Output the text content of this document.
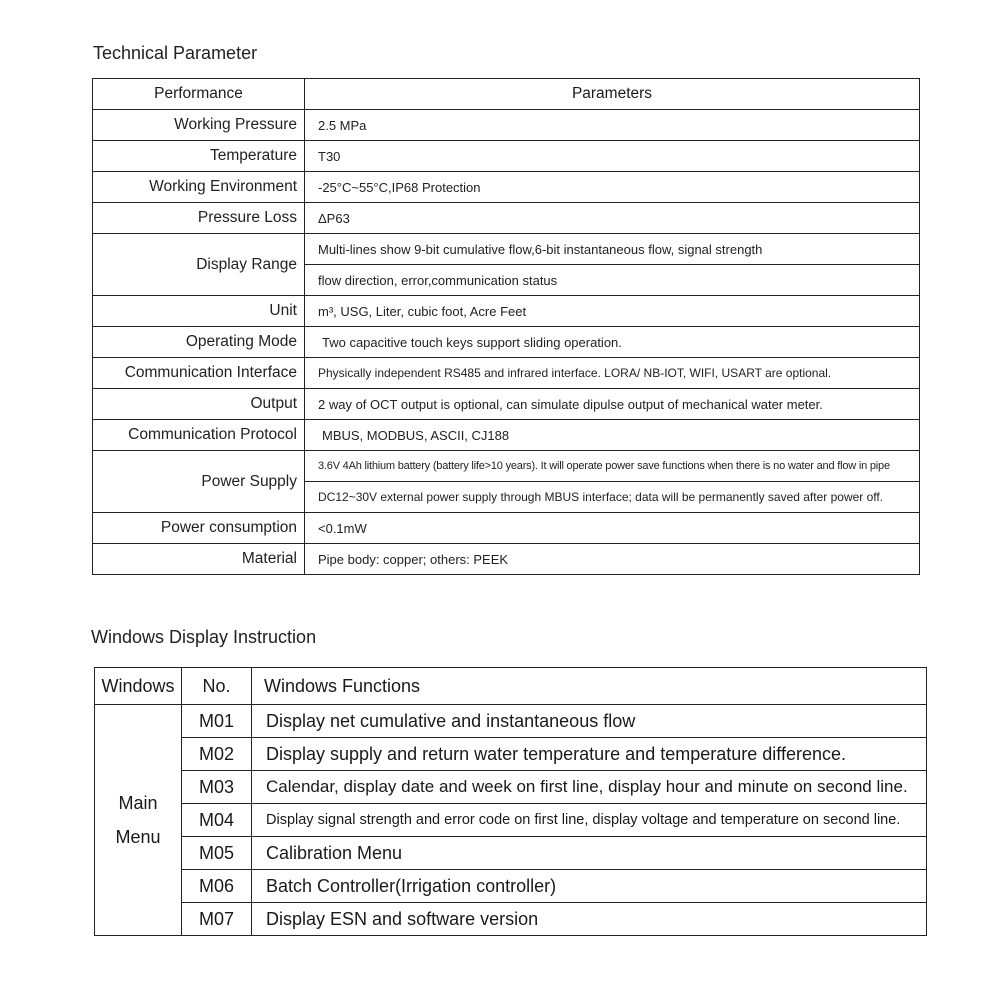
Technical Parameter
Performance	Parameters
Working Pressure	2.5 MPa
Temperature	T30
Working Environment	-25°C~55°C,IP68 Protection
Pressure Loss	ΔP63
Display Range	Multi-lines show 9-bit cumulative flow,6-bit instantaneous flow, signal strength
	flow direction, error,communication status
Unit	m³, USG, Liter, cubic foot, Acre Feet
Operating Mode	Two capacitive touch keys support sliding operation.
Communication Interface	Physically independent RS485 and infrared interface. LORA/ NB-IOT, WIFI, USART are optional.
Output	2 way of OCT output is optional, can simulate dipulse output of mechanical water meter.
Communication Protocol	MBUS, MODBUS, ASCII, CJ188
Power Supply	3.6V 4Ah lithium battery (battery life>10 years). It will operate power save functions when there is no water and flow in pipe
	DC12~30V external power supply through MBUS interface; data will be permanently saved after power off.
Power consumption	<0.1mW
Material	Pipe body: copper; others: PEEK
Windows Display Instruction
Windows	No.	Windows Functions

Main
Menu	M01	Display net cumulative and instantaneous flow
	M02	Display supply and return water temperature and temperature difference.
	M03	Calendar, display date and week on first line, display hour and minute on second line.
	M04	Display signal strength and error code on first line, display voltage and temperature on second line.
	M05	Calibration Menu
	M06	Batch Controller(Irrigation controller)
	M07	Display ESN and software version
